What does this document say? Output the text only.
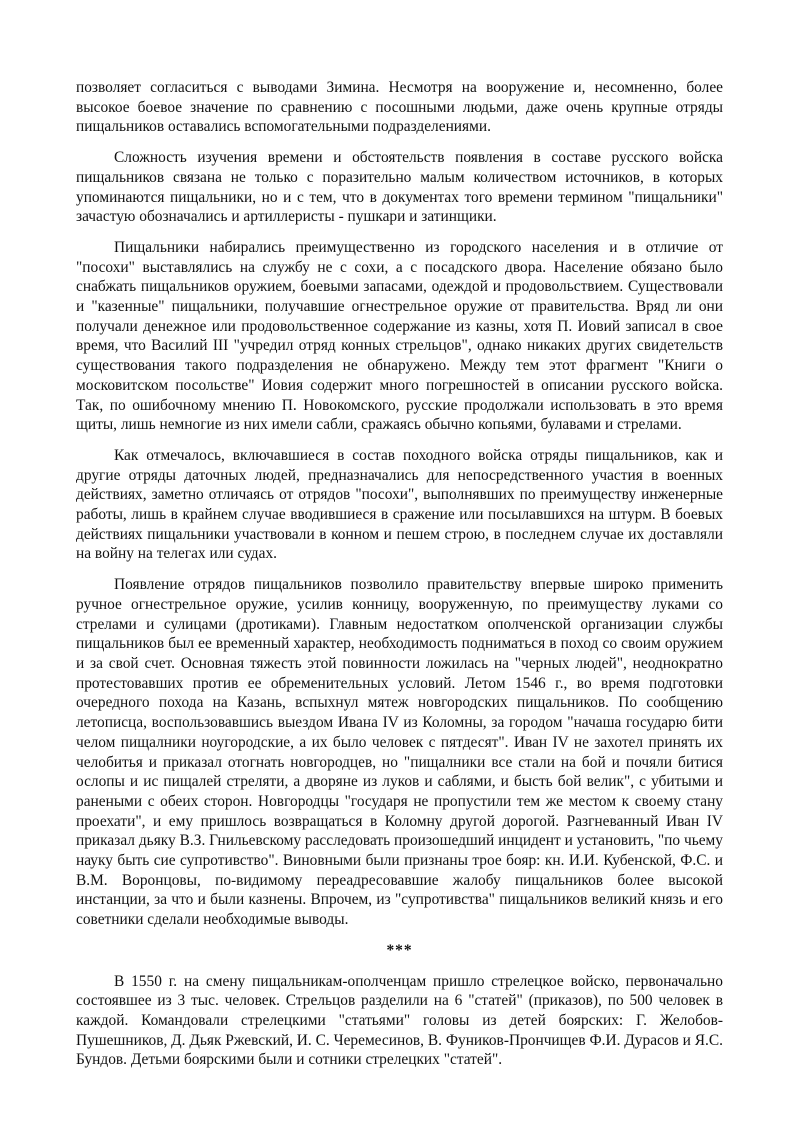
позволяет согласиться с выводами Зимина. Несмотря на вооружение и, несомненно, более высокое боевое значение по сравнению с посошными людьми, даже очень крупные отряды пищальников оставались вспомогательными подразделениями.

Сложность изучения времени и обстоятельств появления в составе русского войска пищальников связана не только с поразительно малым количеством источников, в которых упоминаются пищальники, но и с тем, что в документах того времени термином "пищальники" зачастую обозначались и артиллеристы - пушкари и затинщики.

Пищальники набирались преимущественно из городского населения и в отличие от "посохи" выставлялись на службу не с сохи, а с посадского двора. Население обязано было снабжать пищальников оружием, боевыми запасами, одеждой и продовольствием. Существовали и "казенные" пищальники, получавшие огнестрельное оружие от правительства. Вряд ли они получали денежное или продовольственное содержание из казны, хотя П. Иовий записал в свое время, что Василий III "учредил отряд конных стрельцов", однако никаких других свидетельств существования такого подразделения не обнаружено. Между тем этот фрагмент "Книги о московитском посольстве" Иовия содержит много погрешностей в описании русского войска. Так, по ошибочному мнению П. Новокомского, русские продолжали использовать в это время щиты, лишь немногие из них имели сабли, сражаясь обычно копьями, булавами и стрелами.

Как отмечалось, включавшиеся в состав походного войска отряды пищальников, как и другие отряды даточных людей, предназначались для непосредственного участия в военных действиях, заметно отличаясь от отрядов "посохи", выполнявших по преимуществу инженерные работы, лишь в крайнем случае вводившиеся в сражение или посылавшихся на штурм. В боевых действиях пищальники участвовали в конном и пешем строю, в последнем случае их доставляли на войну на телегах или судах.

Появление отрядов пищальников позволило правительству впервые широко применить ручное огнестрельное оружие, усилив конницу, вооруженную, по преимуществу луками со стрелами и сулицами (дротиками). Главным недостатком ополченской организации службы пищальников был ее временный характер, необходимость подниматься в поход со своим оружием и за свой счет. Основная тяжесть этой повинности ложилась на "черных людей", неоднократно протестовавших против ее обременительных условий. Летом 1546 г., во время подготовки очередного похода на Казань, вспыхнул мятеж новгородских пищальников. По сообщению летописца, воспользовавшись выездом Ивана IV из Коломны, за городом "начаша государю бити челом пищалники ноугородские, а их было человек с пятдесят". Иван IV не захотел принять их челобитья и приказал отогнать новгородцев, но "пищалники все стали на бой и почяли битися ослопы и ис пищалей стреляти, а дворяне из луков и саблями, и бысть бой велик", с убитыми и ранеными с обеих сторон. Новгородцы "государя не пропустили тем же местом к своему стану проехати", и ему пришлось возвращаться в Коломну другой дорогой. Разгневанный Иван IV приказал дьяку В.З. Гнильевскому расследовать произошедший инцидент и установить, "по чьему науку быть сие супротивство". Виновными были признаны трое бояр: кн. И.И. Кубенской, Ф.С. и В.М. Воронцовы, по-видимому переадресовавшие жалобу пищальников более высокой инстанции, за что и были казнены. Впрочем, из "супротивства" пищальников великий князь и его советники сделали необходимые выводы.

***

В 1550 г. на смену пищальникам-ополченцам пришло стрелецкое войско, первоначально состоявшее из 3 тыс. человек. Стрельцов разделили на 6 "статей" (приказов), по 500 человек в каждой. Командовали стрелецкими "статьями" головы из детей боярских: Г. Желобов-Пушешников, Д. Дьяк Ржевский, И. С. Черемесинов, В. Фуников-Прончищев Ф.И. Дурасов и Я.С. Бундов. Детьми боярскими были и сотники стрелецких "статей".
